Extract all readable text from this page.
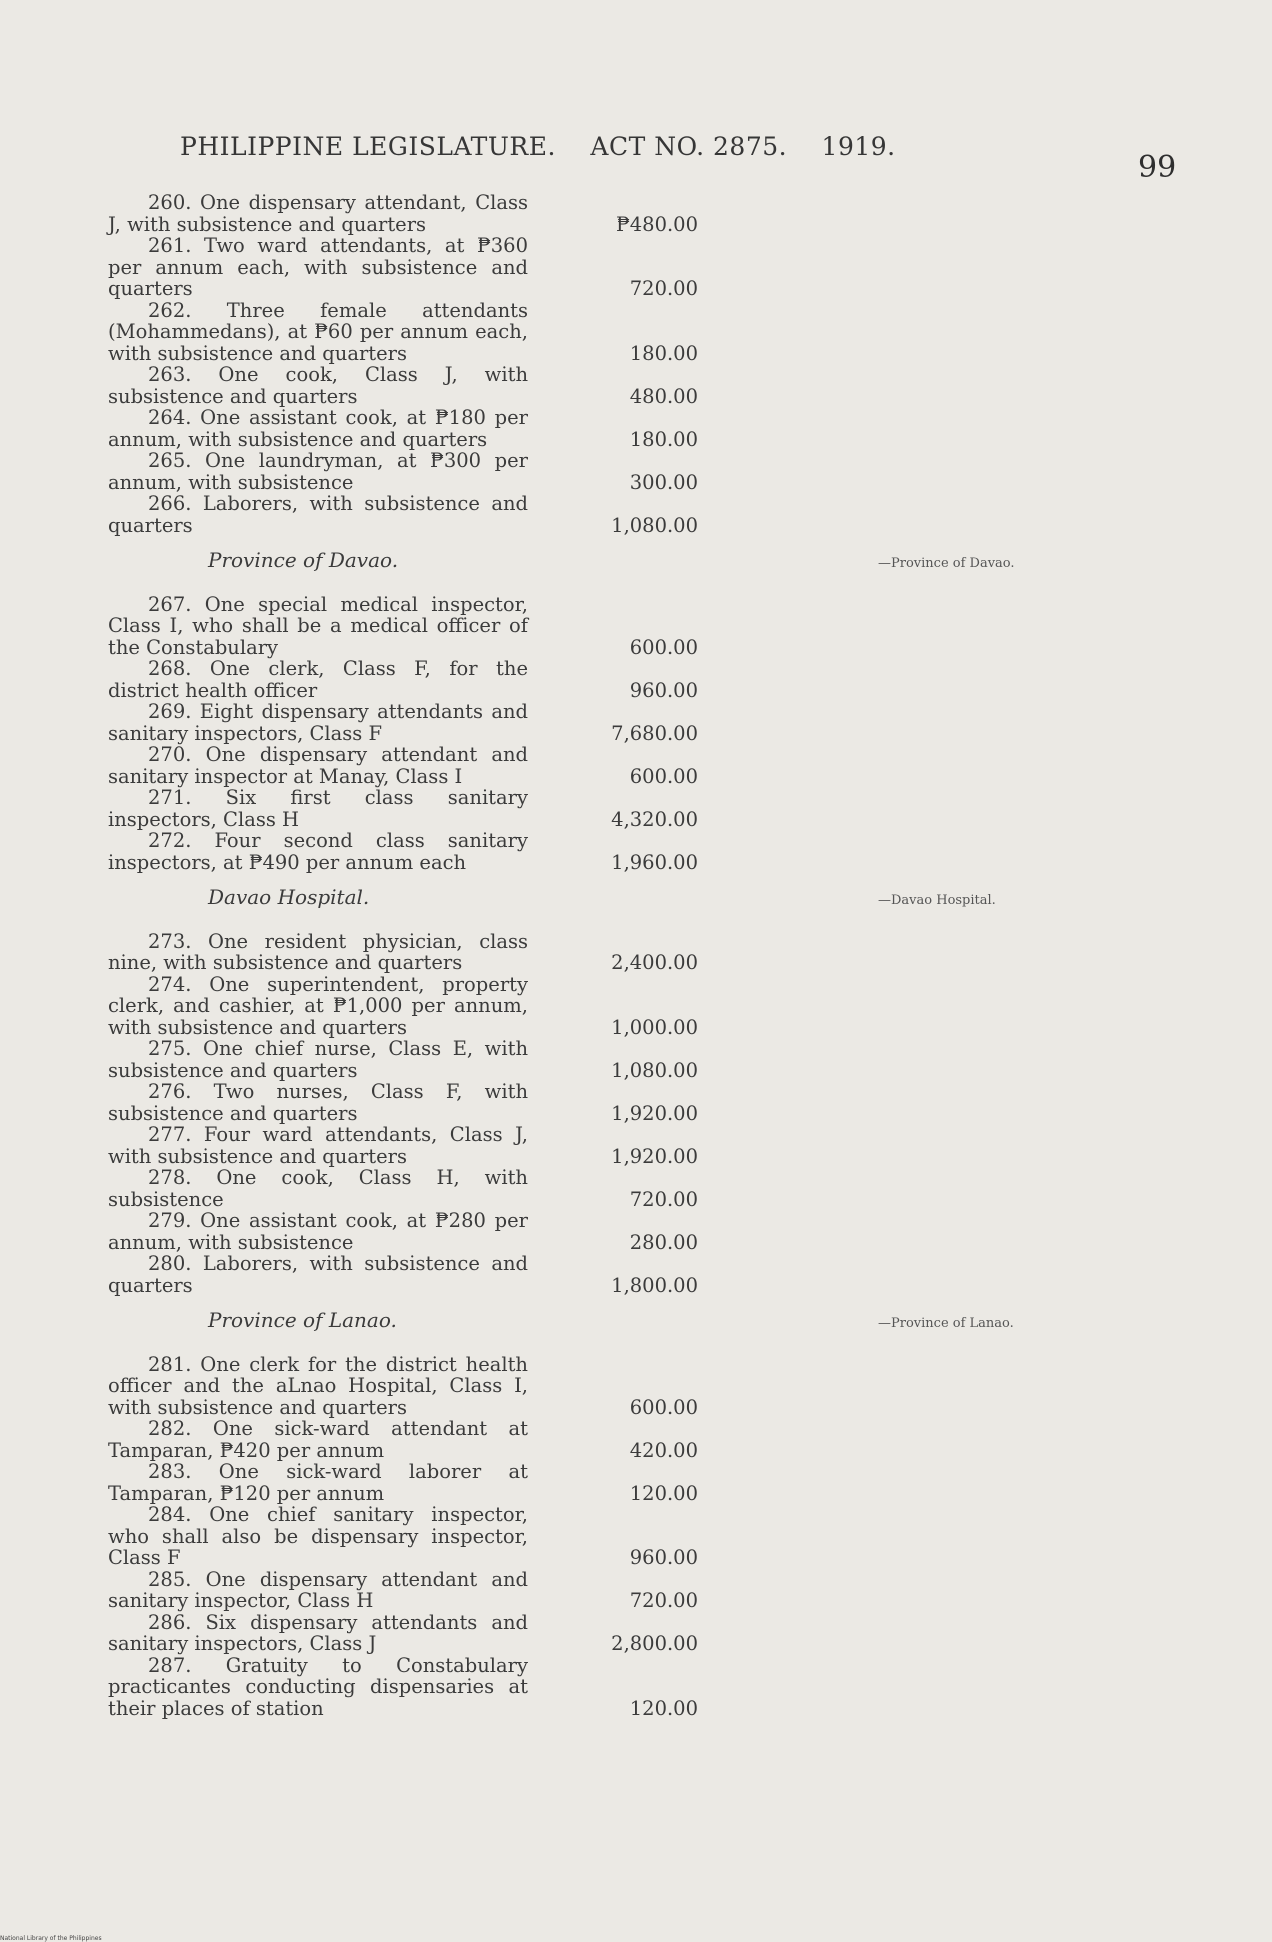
PHILIPPINE LEGISLATURE. ACT NO. 2875. 1919.
99
260. One dispensary attendant, Class J, with subsistence and quarters	₱480.00
261. Two ward attendants, at ₱360 per annum each, with subsistence and quarters	720.00
262. Three female attendants (Mohammedans), at ₱60 per annum each, with subsistence and quarters	180.00
263. One cook, Class J, with subsistence and quarters	480.00
264. One assistant cook, at ₱180 per annum, with subsistence and quarters	180.00
265. One laundryman, at ₱300 per annum, with subsistence	300.00
266. Laborers, with subsistence and quarters	1,080.00
Province of Davao.
267. One special medical inspector, Class I, who shall be a medical officer of the Constabulary	600.00
268. One clerk, Class F, for the district health officer	960.00
269. Eight dispensary attendants and sanitary inspectors, Class F	7,680.00
270. One dispensary attendant and sanitary inspector at Manay, Class I	600.00
271. Six first class sanitary inspectors, Class H	4,320.00
272. Four second class sanitary inspectors, at ₱490 per annum each	1,960.00
Davao Hospital.
273. One resident physician, class nine, with subsistence and quarters	2,400.00
274. One superintendent, property clerk, and cashier, at ₱1,000 per annum, with subsistence and quarters	1,000.00
275. One chief nurse, Class E, with subsistence and quarters	1,080.00
276. Two nurses, Class F, with subsistence and quarters	1,920.00
277. Four ward attendants, Class J, with subsistence and quarters	1,920.00
278. One cook, Class H, with subsistence	720.00
279. One assistant cook, at ₱280 per annum, with subsistence	280.00
280. Laborers, with subsistence and quarters	1,800.00
Province of Lanao.
281. One clerk for the district health officer and the aLnao Hospital, Class I, with subsistence and quarters	600.00
282. One sick-ward attendant at Tamparan, ₱420 per annum	420.00
283. One sick-ward laborer at Tamparan, ₱120 per annum	120.00
284. One chief sanitary inspector, who shall also be dispensary inspector, Class F	960.00
285. One dispensary attendant and sanitary inspector, Class H	720.00
286. Six dispensary attendants and sanitary inspectors, Class J	2,800.00
287. Gratuity to Constabulary practicantes conducting dispensaries at their places of station	120.00
—Province of Davao.
—Davao Hospital.
—Province of Lanao.
National Library of the Philippines
